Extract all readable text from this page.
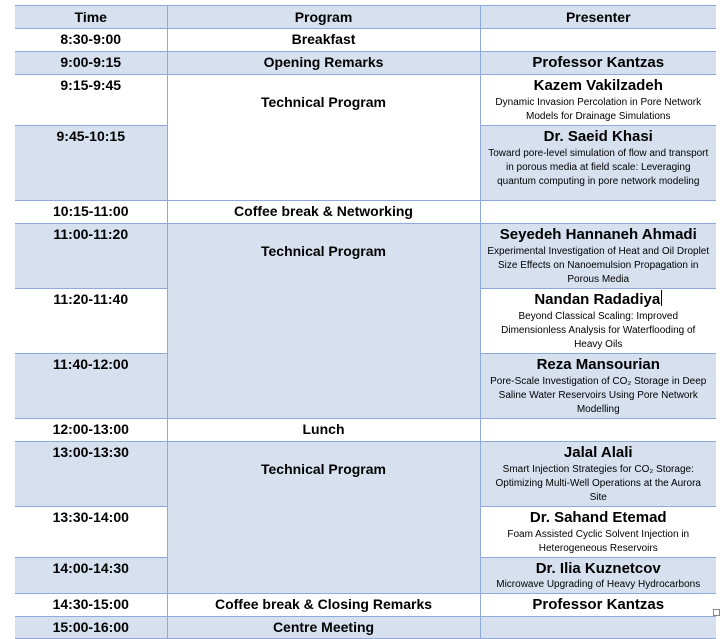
Time	Program	Presenter
8:30-9:00	Breakfast	
9:00-9:15	Opening Remarks	Professor Kantzas

9:15-9:45	Technical Program	Kazem Vakilzadeh
Dynamic Invasion Percolation in Pore Network Models for Drainage Simulations

9:45-10:15		Dr. Saeid Khasi
Toward pore-level simulation of flow and transport in porous media at field scale: Leveraging quantum computing in pore network modeling

10:15-11:00	Coffee break & Networking	
11:00-11:20	Technical Program	Seyedeh Hannaneh Ahmadi
Experimental Investigation of Heat and Oil Droplet Size Effects on Nanoemulsion Propagation in Porous Media

11:20-11:40		Nandan Radadiya
Beyond Classical Scaling: Improved Dimensionless Analysis for Waterflooding of Heavy Oils

11:40-12:00		Reza Mansourian
Pore-Scale Investigation of CO₂ Storage in Deep Saline Water Reservoirs Using Pore Network Modelling

12:00-13:00	Lunch	
13:00-13:30	Technical Program	Jalal Alali
Smart Injection Strategies for CO₂ Storage: Optimizing Multi-Well Operations at the Aurora Site

13:30-14:00		Dr. Sahand Etemad
Foam Assisted Cyclic Solvent Injection in Heterogeneous Reservoirs

14:00-14:30		Dr. Ilia Kuznetcov
Microwave Upgrading of Heavy Hydrocarbons

14:30-15:00	Coffee break & Closing Remarks	Professor Kantzas

15:00-16:00	Centre Meeting	
